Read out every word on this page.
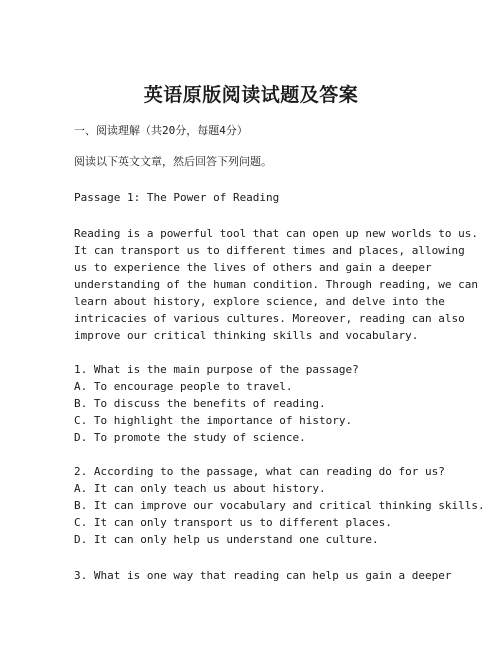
英语原版阅读试题及答案
一、阅读理解（共20分，每题4分）
阅读以下英文文章，然后回答下列问题。
Passage 1: The Power of Reading
Reading is a powerful tool that can open up new worlds to us.
It can transport us to different times and places, allowing
us to experience the lives of others and gain a deeper
understanding of the human condition. Through reading, we can
learn about history, explore science, and delve into the
intricacies of various cultures. Moreover, reading can also
improve our critical thinking skills and vocabulary.
1. What is the main purpose of the passage?
A. To encourage people to travel.
B. To discuss the benefits of reading.
C. To highlight the importance of history.
D. To promote the study of science.
2. According to the passage, what can reading do for us?
A. It can only teach us about history.
B. It can improve our vocabulary and critical thinking skills.
C. It can only transport us to different places.
D. It can only help us understand one culture.
3. What is one way that reading can help us gain a deeper
